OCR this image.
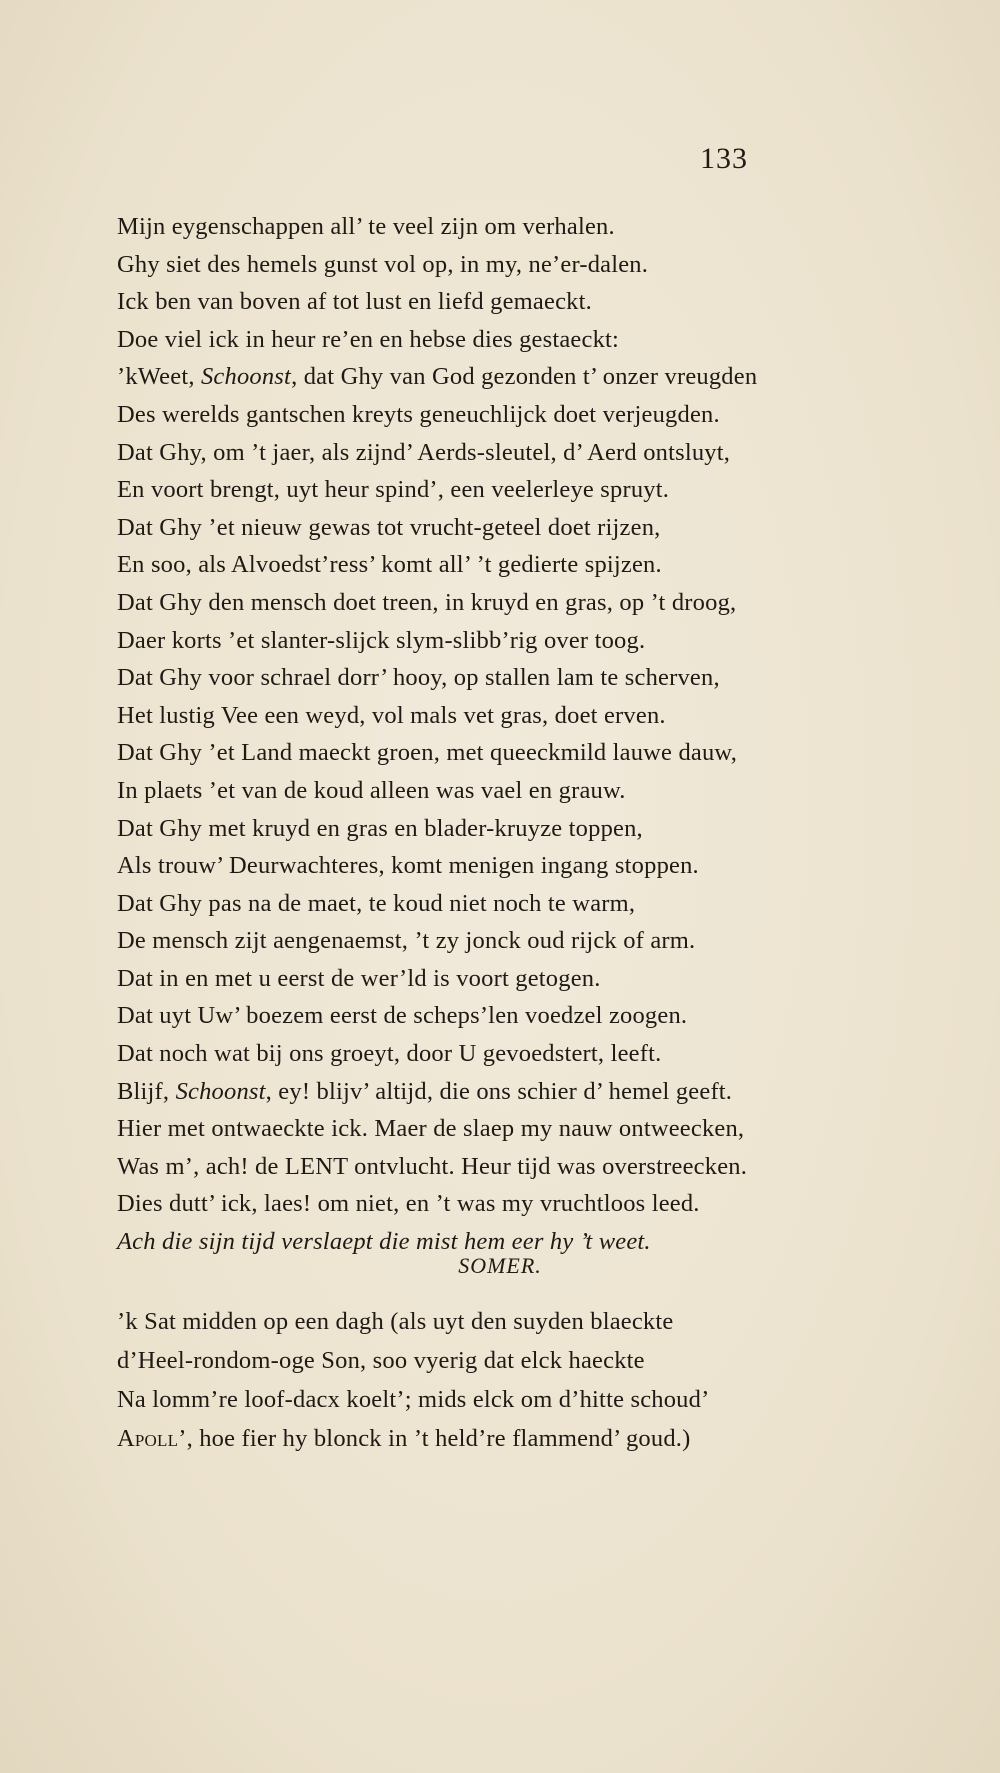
133
Mijn eygenschappen all’ te veel zijn om verhalen.
Ghy siet des hemels gunst vol op, in my, ne’er-dalen.
Ick ben van boven af tot lust en liefd gemaeckt.
Doe viel ick in heur re’en en hebse dies gestaeckt:
’kWeet, Schoonst, dat Ghy van God gezonden t’ onzer vreugden
Des werelds gantschen kreyts geneuchlijck doet verjeugden.
Dat Ghy, om ’t jaer, als zijnd’ Aerds-sleutel, d’ Aerd ontsluyt,
En voort brengt, uyt heur spind’, een veelerleye spruyt.
Dat Ghy ’et nieuw gewas tot vrucht-geteel doet rijzen,
En soo, als Alvoedst’ress’ komt all’ ’t gedierte spijzen.
Dat Ghy den mensch doet treen, in kruyd en gras, op ’t droog,
Daer korts ’et slanter-slijck slym-slibb’rig over toog.
Dat Ghy voor schrael dorr’ hooy, op stallen lam te scherven,
Het lustig Vee een weyd, vol mals vet gras, doet erven.
Dat Ghy ’et Land maeckt groen, met queeckmild lauwe dauw,
In plaets ’et van de koud alleen was vael en grauw.
Dat Ghy met kruyd en gras en blader-kruyze toppen,
Als trouw’ Deurwachteres, komt menigen ingang stoppen.
Dat Ghy pas na de maet, te koud niet noch te warm,
De mensch zijt aengenaemst, ’t zy jonck oud rijck of arm.
Dat in en met u eerst de wer’ld is voort getogen.
Dat uyt Uw’ boezem eerst de scheps’len voedzel zoogen.
Dat noch wat bij ons groeyt, door U gevoedstert, leeft.
Blijf, Schoonst, ey! blijv’ altijd, die ons schier d’ hemel geeft.
Hier met ontwaeckte ick. Maer de slaep my nauw ontweecken,
Was m’, ach! de LENT ontvlucht. Heur tijd was overstreecken.
Dies dutt’ ick, laes! om niet, en ’t was my vruchtloos leed.
Ach die sijn tijd verslaept die mist hem eer hy ’t weet.
SOMER.
’k Sat midden op een dagh (als uyt den suyden blaeckte
d’Heel-rondom-oge Son, soo vyerig dat elck haeckte
Na lomm’re loof-dacx koelt’; mids elck om d’hitte schoud’
Apoll’, hoe fier hy blonck in ’t held’re flammend’ goud.)
